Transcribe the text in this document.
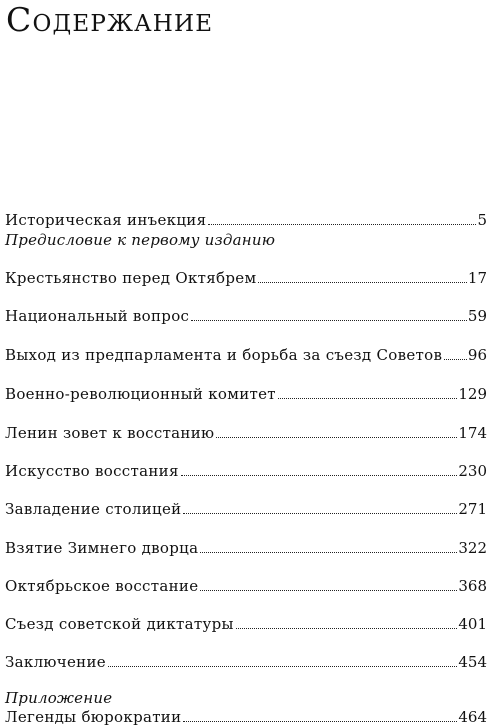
Содержание
Историческая инъекция	5
Предисловие к первому изданию
Крестьянство перед Октябрем	17
Национальный вопрос	59
Выход из предпарламента и борьба за съезд Советов 96
Военно-революционный комитет	129
Ленин зовет к восстанию	174
Искусство восстания	230
Завладение столицей	271
Взятие Зимнего дворца	322
Октябрьское восстание	368
Съезд советской диктатуры	401
Заключение	454
Приложение
Легенды бюрократии	464
